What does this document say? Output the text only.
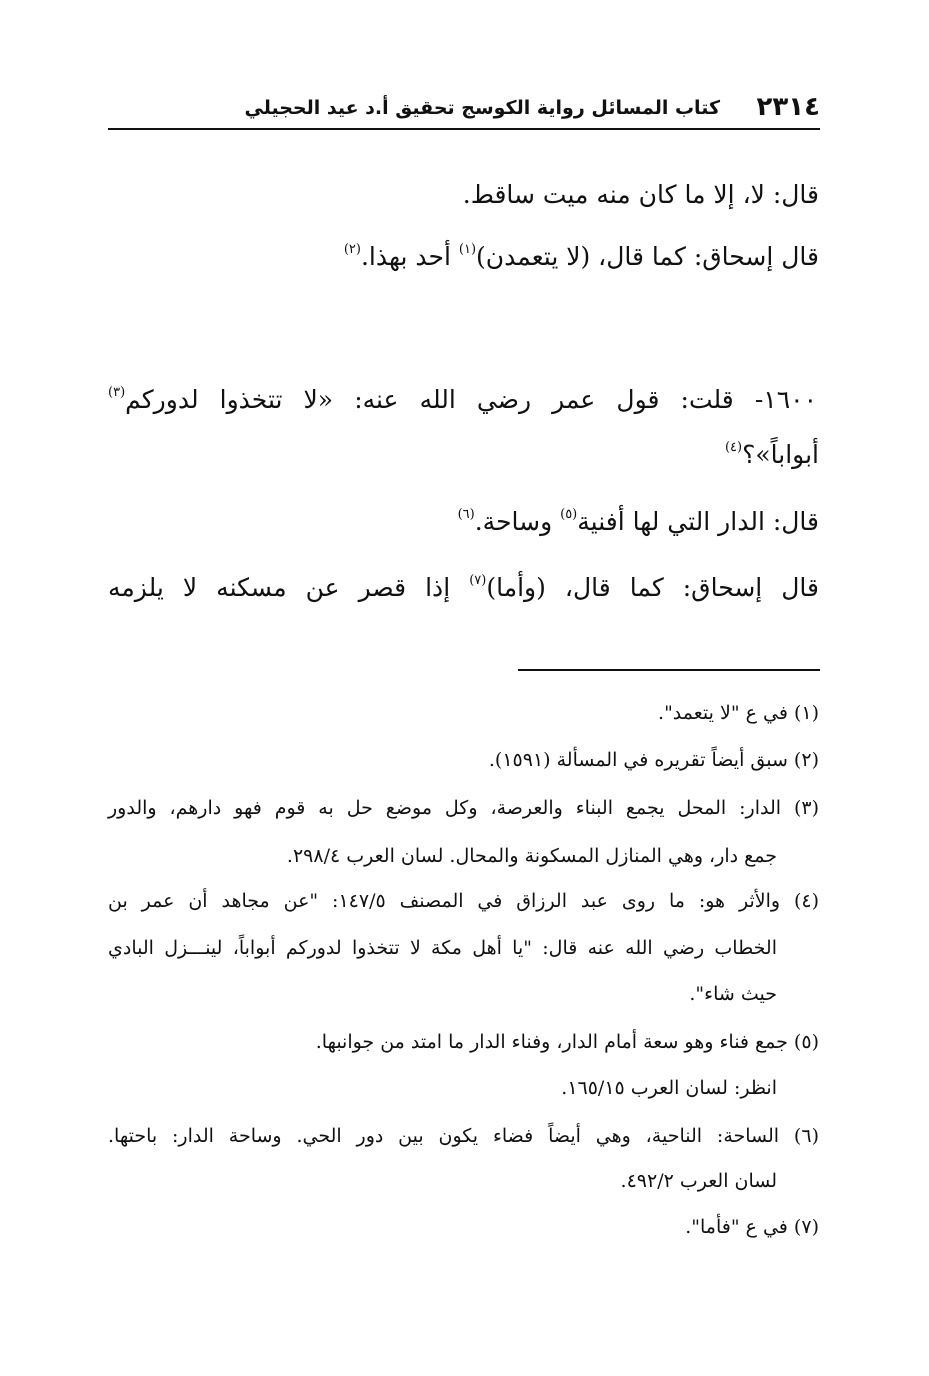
٢٣١٤
كتاب المسائل رواية الكوسج تحقيق أ.د عيد الحجيلي
قال: لا، إلا ما كان منه ميت ساقط.
قال إسحاق: كما قال، (لا يتعمدن)$^{(١)}$ أحد بهذا.$^{(٢)}$
١٦٠٠- قلت: قول عمر رضي الله عنه: «لا تتخذوا لدوركم$^{(٣)}$
أبواباً»؟$^{(٤)}$
قال: الدار التي لها أفنية$^{(٥)}$ وساحة.$^{(٦)}$
قال إسحاق: كما قال، (وأما)$^{(٧)}$ إذا قصر عن مسكنه لا يلزمه
(١) في ع "لا يتعمد".
(٢) سبق أيضاً تقريره في المسألة (١٥٩١).
(٣) الدار: المحل يجمع البناء والعرصة، وكل موضع حل به قوم فهو دارهم، والدور
جمع دار، وهي المنازل المسكونة والمحال. لسان العرب ٢٩٨/٤.
(٤) والأثر هو: ما روى عبد الرزاق في المصنف ١٤٧/٥: "عن مجاهد أن عمر بن
الخطاب رضي الله عنه قال: "يا أهل مكة لا تتخذوا لدوركم أبواباً، لينـــزل البادي
حيث شاء".
(٥) جمع فناء وهو سعة أمام الدار، وفناء الدار ما امتد من جوانبها.
انظر: لسان العرب ١٦٥/١٥.
(٦) الساحة: الناحية، وهي أيضاً فضاء يكون بين دور الحي. وساحة الدار: باحتها.
لسان العرب ٤٩٢/٢.
(٧) في ع "فأما".
